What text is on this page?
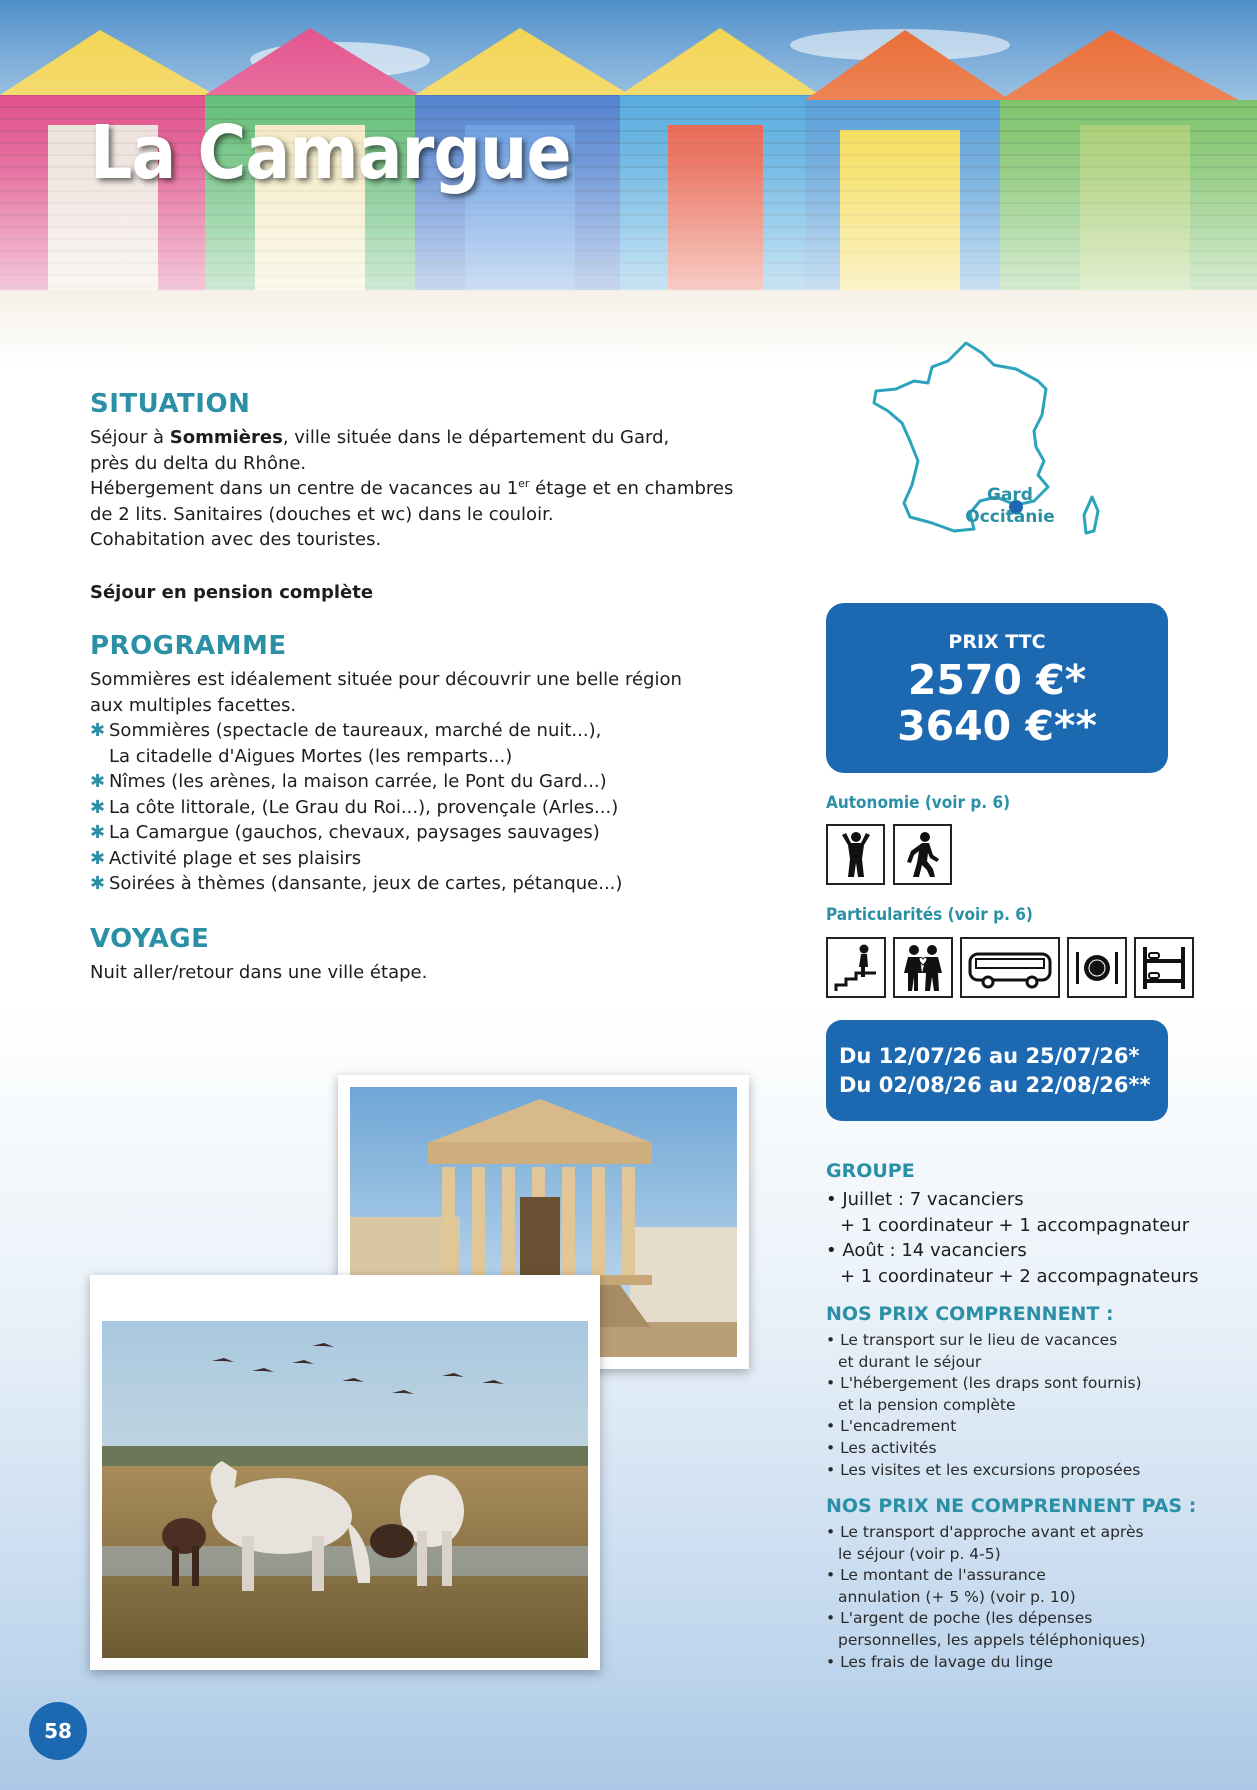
La Camargue
SITUATION
Séjour à Sommières, ville située dans le département du Gard,
près du delta du Rhône.
Hébergement dans un centre de vacances au 1er étage et en chambres
de 2 lits. Sanitaires (douches et wc) dans le couloir.
Cohabitation avec des touristes.
Séjour en pension complète
PROGRAMME
Sommières est idéalement située pour découvrir une belle région
aux multiples facettes.
✱ Sommières (spectacle de taureaux, marché de nuit...),
La citadelle d'Aigues Mortes (les remparts...)
✱ Nîmes (les arènes, la maison carrée, le Pont du Gard...)
✱ La côte littorale, (Le Grau du Roi...), provençale (Arles...)
✱ La Camargue (gauchos, chevaux, paysages sauvages)
✱ Activité plage et ses plaisirs
✱ Soirées à thèmes (dansante, jeux de cartes, pétanque...)
VOYAGE
Nuit aller/retour dans une ville étape.
Gard
Occitanie
PRIX TTC
2570 €*
3640 €**
Autonomie (voir p. 6)
Particularités (voir p. 6)
Du 12/07/26 au 25/07/26*
Du 02/08/26 au 22/08/26**
GROUPE
• Juillet : 7 vacanciers
+ 1 coordinateur + 1 accompagnateur
• Août : 14 vacanciers
+ 1 coordinateur + 2 accompagnateurs
NOS PRIX COMPRENNENT :
• Le transport sur le lieu de vacances
et durant le séjour
• L'hébergement (les draps sont fournis)
et la pension complète
• L'encadrement
• Les activités
• Les visites et les excursions proposées
NOS PRIX NE COMPRENNENT PAS :
• Le transport d'approche avant et après
le séjour (voir p. 4-5)
• Le montant de l'assurance
annulation (+ 5 %) (voir p. 10)
• L'argent de poche (les dépenses
personnelles, les appels téléphoniques)
• Les frais de lavage du linge
58
